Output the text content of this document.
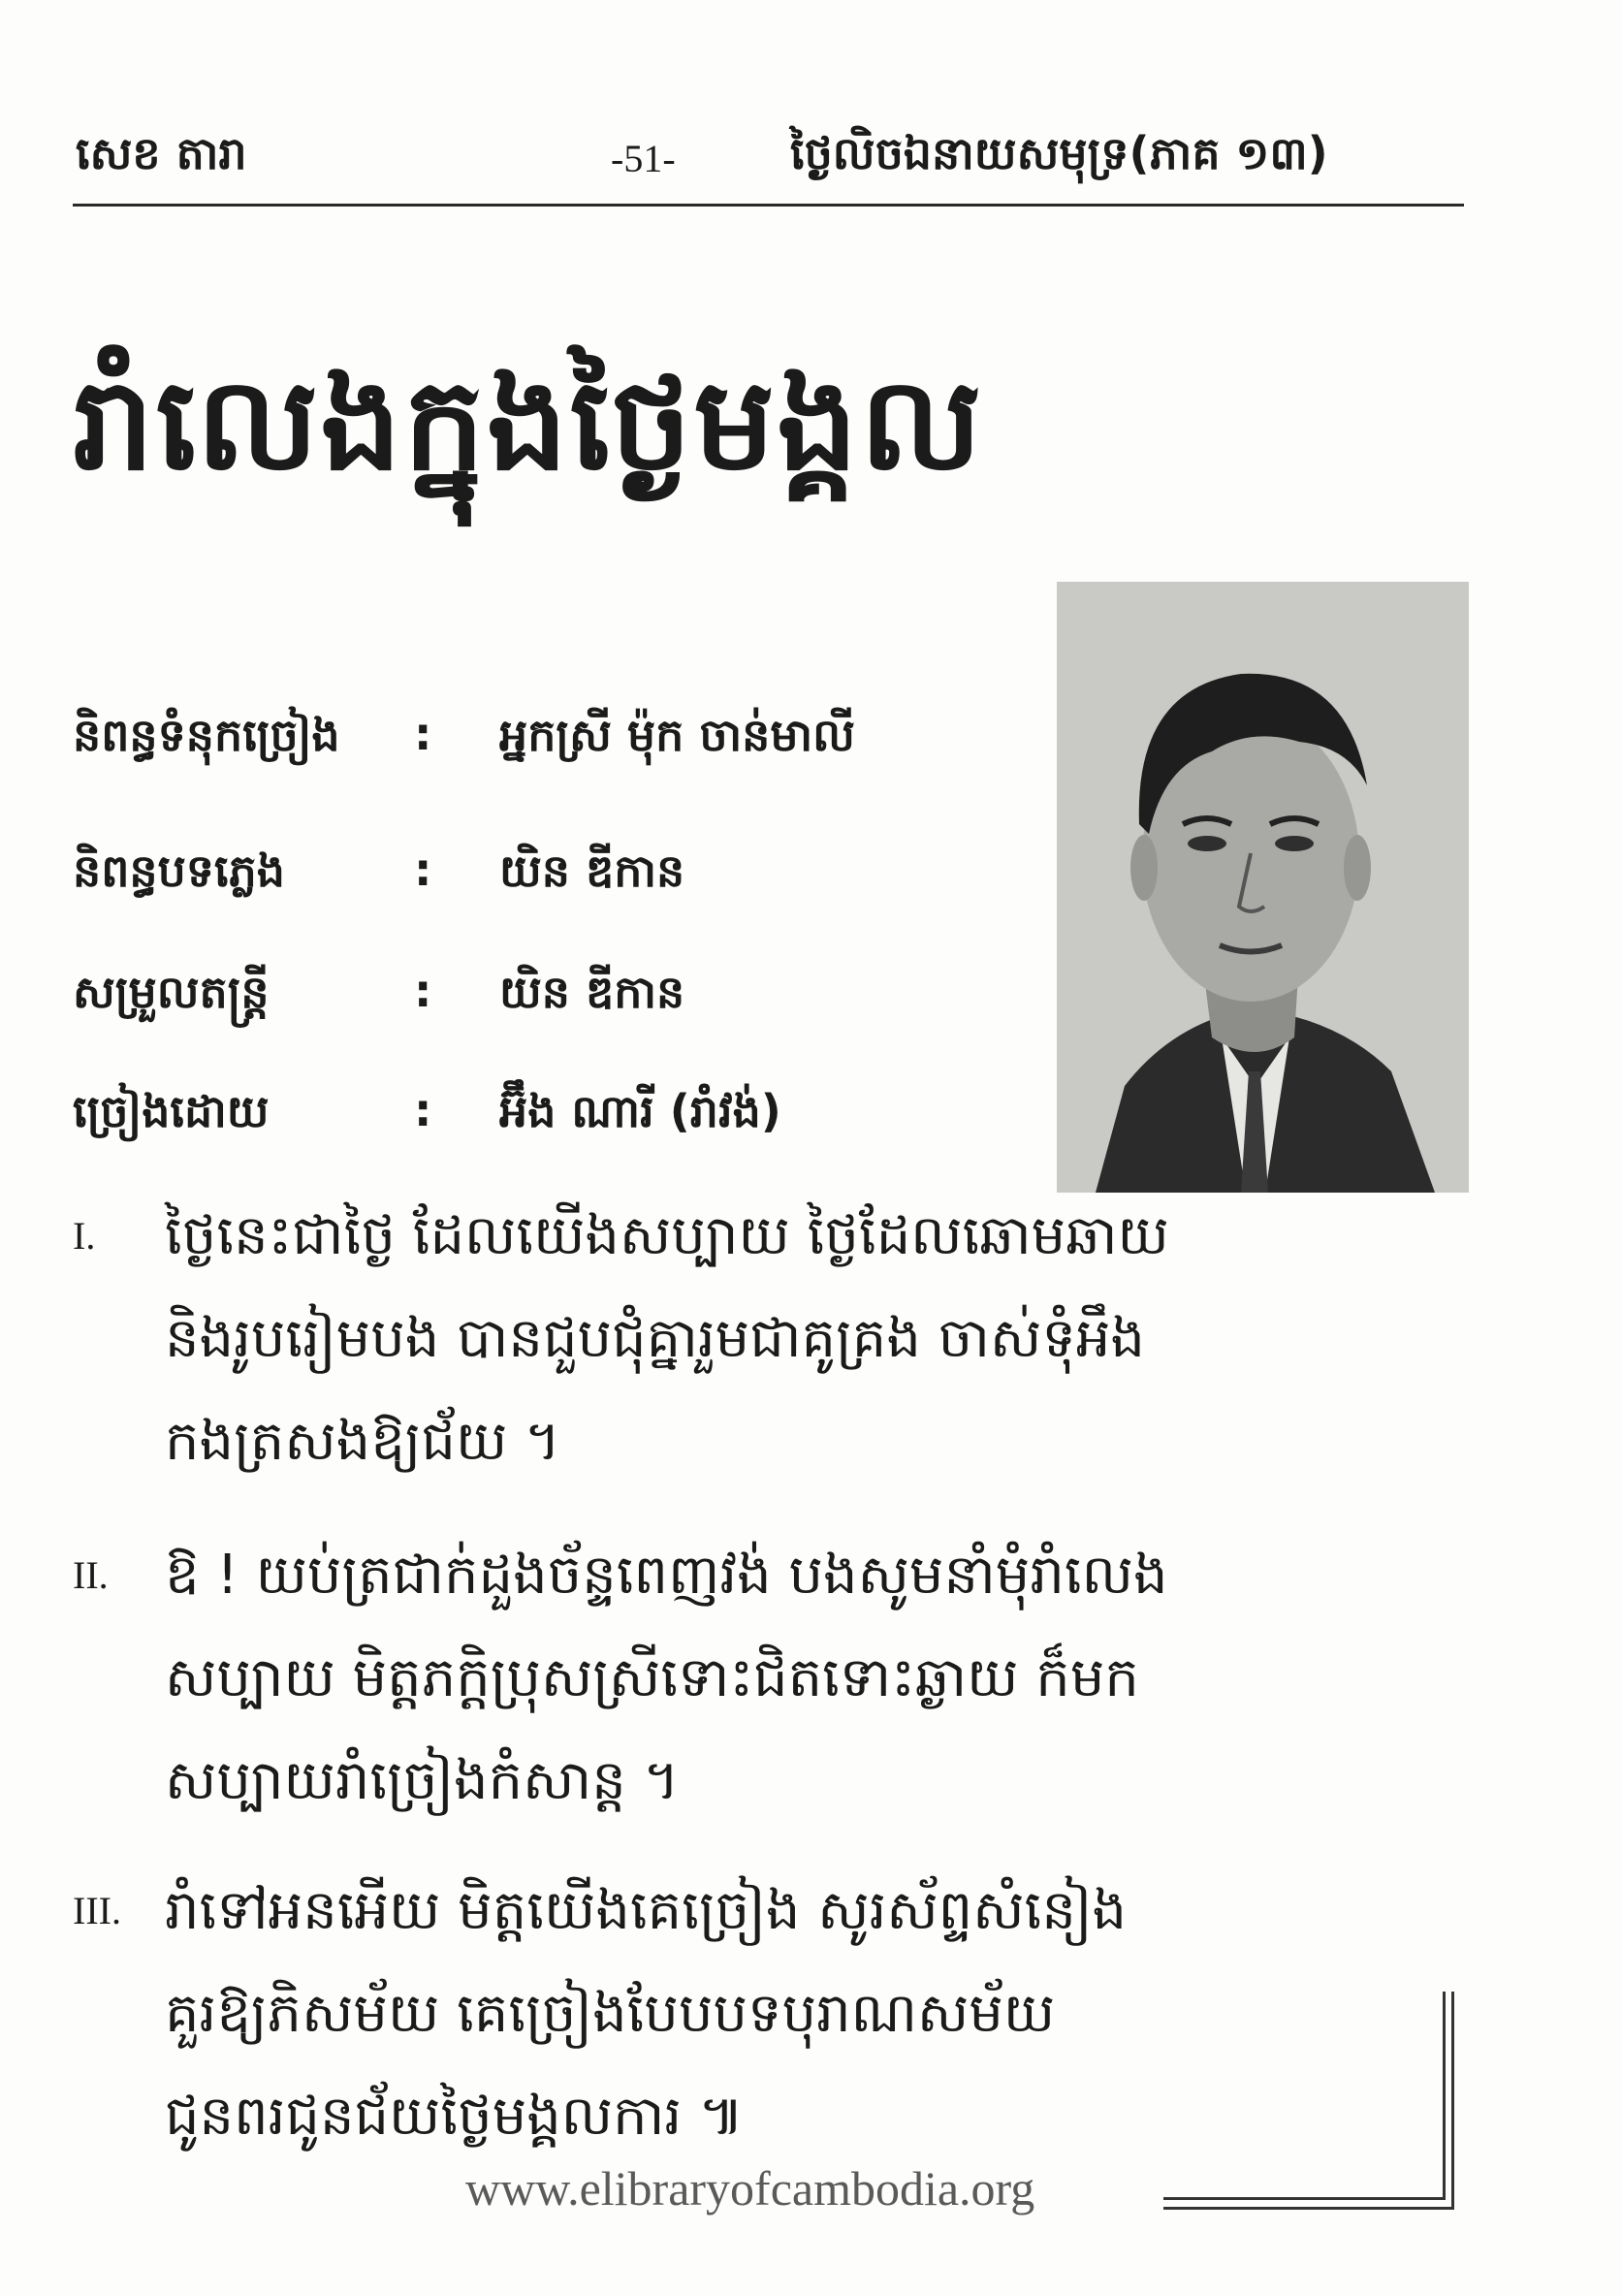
សេខ តារា	-51-	ថ្ងៃលិចឯនាយសមុទ្រ(ភាគ ១៣)
រាំលេងក្នុងថ្ងៃមង្គល
និពន្ធទំនុកច្រៀង : អ្នកស្រី ម៉ុក ចាន់មាលី
និពន្ធបទភ្លេង	: យិន ឌីកាន
សម្រួលតន្ត្រី	: យិន ឌីកាន
ច្រៀងដោយ	: អ៊ឹង ណារី (រាំវង់)
I. ថ្ងៃនេះជាថ្ងៃ ដែលយើងសប្បាយ ថ្ងៃដែលឆោមឆាយ
និងរូបរៀមបង បានជួបជុំគ្នារួមជាគូគ្រង ចាស់ទុំអឹង
កងត្រសងឱ្យជ័យ ។
II. ឱ ! យប់ត្រជាក់ដួងច័ន្ទពេញវង់ បងសូមនាំមុំរាំលេង
សប្បាយ មិត្តភក្តិប្រុសស្រីទោះជិតទោះឆ្ងាយ ក៏មក
សប្បាយរាំច្រៀងកំសាន្ត ។
III. រាំទៅអនអើយ មិត្តយើងគេច្រៀង សូរស័ព្ទសំនៀង
គួរឱ្យភិសម័យ គេច្រៀងបែបបទបុរាណសម័យ
ជូនពរជូនជ័យថ្ងៃមង្គលការ ៕
www.elibraryofcambodia.org
